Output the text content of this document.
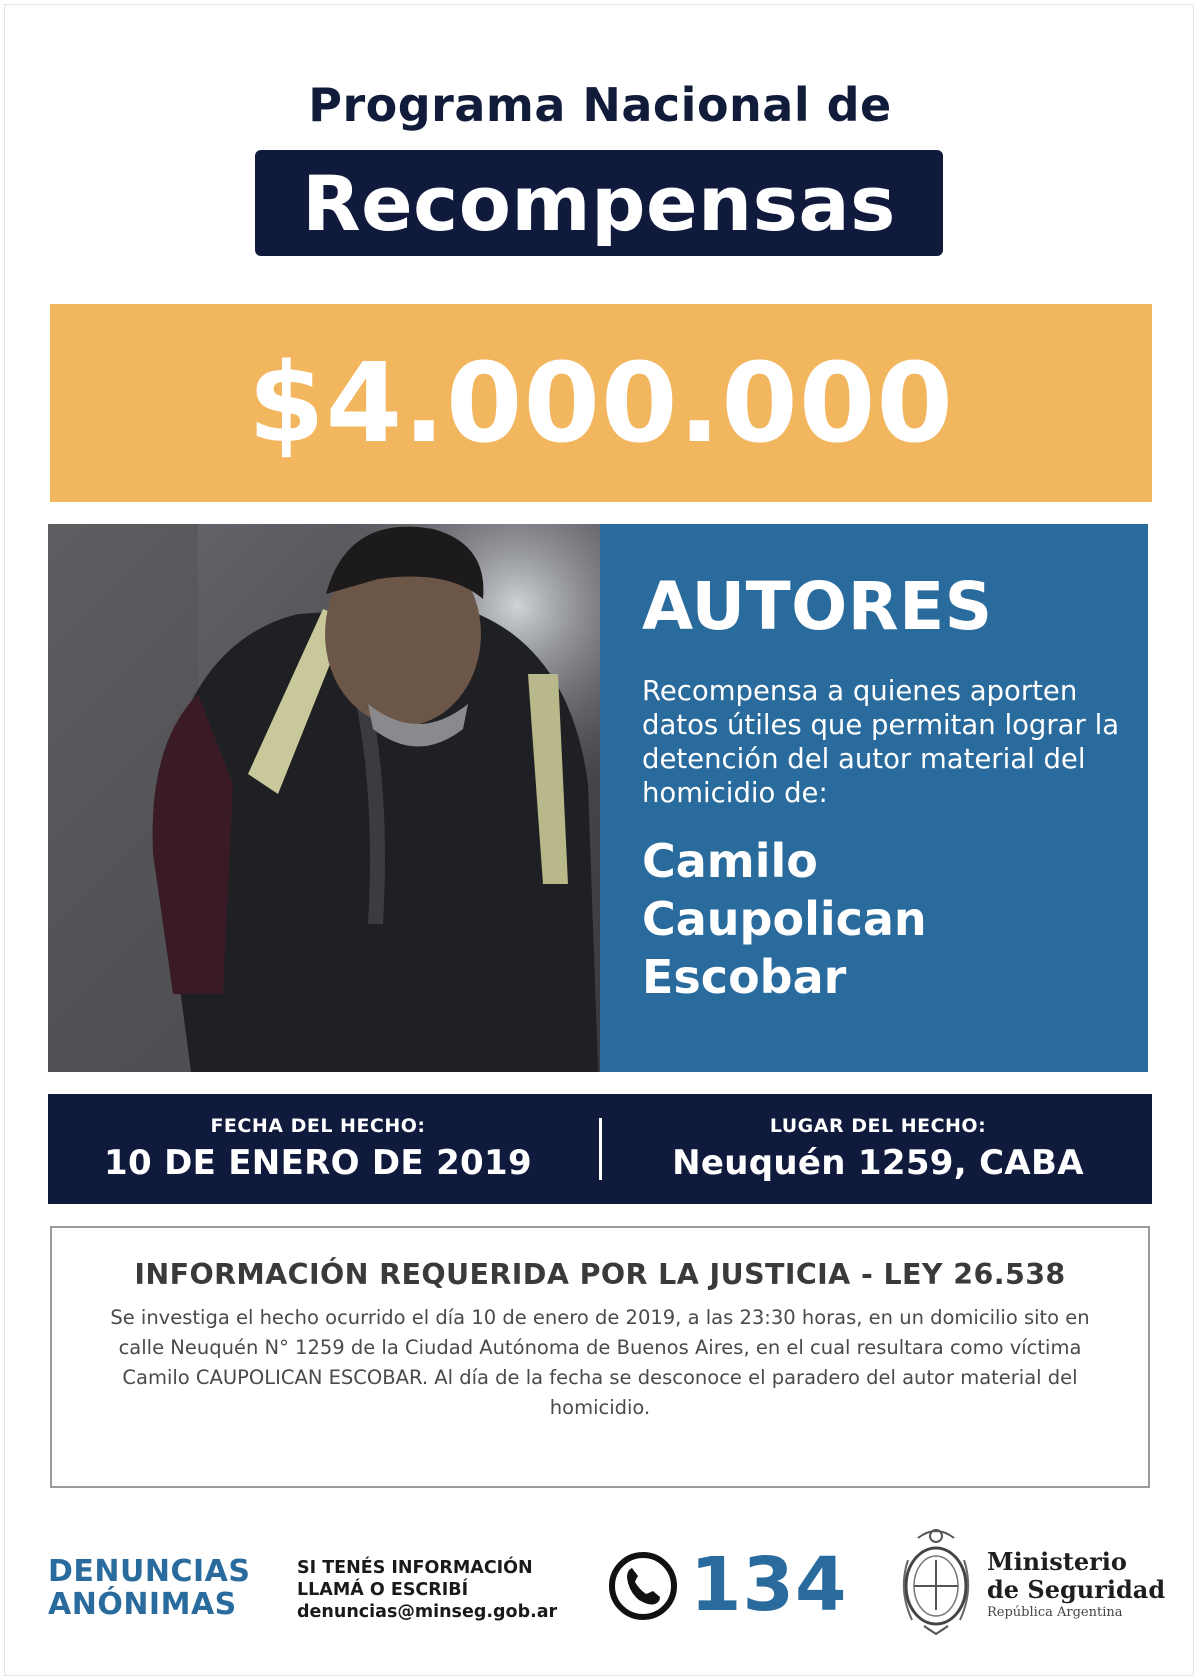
Programa Nacional de
Recompensas
$4.000.000
AUTORES
Recompensa a quienes aporten datos útiles que permitan lograr la detención del autor material del homicidio de:
Camilo
Caupolican
Escobar
FECHA DEL HECHO:
10 DE ENERO DE 2019
LUGAR DEL HECHO:
Neuquén 1259, CABA
INFORMACIÓN REQUERIDA POR LA JUSTICIA - LEY 26.538
Se investiga el hecho ocurrido el día 10 de enero de 2019, a las 23:30 horas, en un domicilio sito en calle Neuquén N° 1259 de la Ciudad Autónoma de Buenos Aires, en el cual resultara como víctima Camilo CAUPOLICAN ESCOBAR. Al día de la fecha se desconoce el paradero del autor material del homicidio.
DENUNCIAS
ANÓNIMAS
SI TENÉS INFORMACIÓN
LLAMÁ O ESCRIBÍ
denuncias@minseg.gob.ar 134	Ministerio
de Seguridad
República Argentina
